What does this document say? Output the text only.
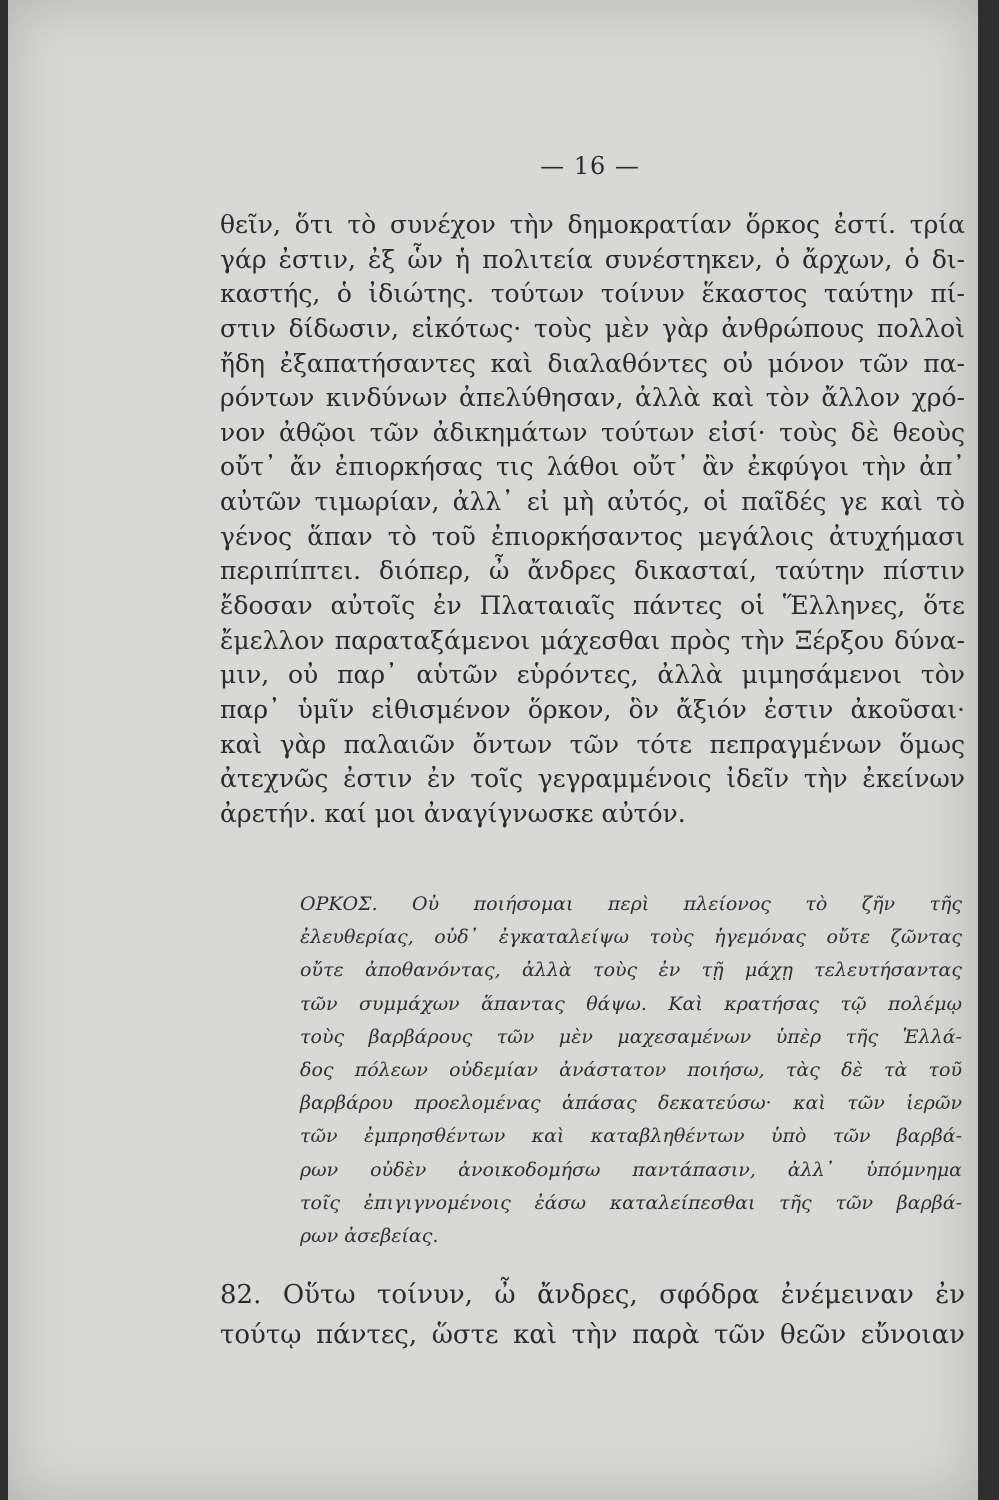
— 16 —
θεῖν, ὅτι τὸ συνέχον τὴν δημοκρατίαν ὅρκος ἐστί. τρία
γάρ ἐστιν, ἐξ ὧν ἡ πολιτεία συνέστηκεν, ὁ ἄρχων, ὁ δι-
καστής, ὁ ἰδιώτης. τούτων τοίνυν ἕκαστος ταύτην πί-
στιν δίδωσιν, εἰκότως· τοὺς μὲν γὰρ ἀνθρώπους πολλοὶ
ἤδη ἐξαπατήσαντες καὶ διαλαθόντες οὐ μόνον τῶν πα-
ρόντων κινδύνων ἀπελύθησαν, ἀλλὰ καὶ τὸν ἄλλον χρό-
νον ἀθῷοι τῶν ἀδικημάτων τούτων εἰσί· τοὺς δὲ θεοὺς
οὔτ᾽ ἄν ἐπιορκήσας τις λάθοι οὔτ᾽ ἂν ἐκφύγοι τὴν ἀπ᾽
αὐτῶν τιμωρίαν, ἀλλ᾽ εἰ μὴ αὐτός, οἱ παῖδές γε καὶ τὸ
γένος ἅπαν τὸ τοῦ ἐπιορκήσαντος μεγάλοις ἀτυχήμασι
περιπίπτει. διόπερ, ὦ ἄνδρες δικασταί, ταύτην πίστιν
ἔδοσαν αὐτοῖς ἐν Πλαταιαῖς πάντες οἱ Ἕλληνες, ὅτε
ἔμελλον παραταξάμενοι μάχεσθαι πρὸς τὴν Ξέρξου δύνα-
μιν, οὐ παρ᾽ αὑτῶν εὑρόντες, ἀλλὰ μιμησάμενοι τὸν
παρ᾽ ὑμῖν εἰθισμένον ὅρκον, ὃν ἄξιόν ἐστιν ἀκοῦσαι·
καὶ γὰρ παλαιῶν ὄντων τῶν τότε πεπραγμένων ὅμως
ἀτεχνῶς ἐστιν ἐν τοῖς γεγραμμένοις ἰδεῖν τὴν ἐκείνων
ἀρετήν. καί μοι ἀναγίγνωσκε αὐτόν.
ΟΡΚΟΣ. Οὐ ποιήσομαι περὶ πλείονος τὸ ζῆν τῆς
ἐλευθερίας, οὐδ᾽ ἐγκαταλείψω τοὺς ἡγεμόνας οὔτε ζῶντας
οὔτε ἀποθανόντας, ἀλλὰ τοὺς ἐν τῇ μάχῃ τελευτήσαντας
τῶν συμμάχων ἅπαντας θάψω. Καὶ κρατήσας τῷ πολέμῳ
τοὺς βαρβάρους τῶν μὲν μαχεσαμένων ὑπὲρ τῆς Ἑλλά-
δος πόλεων οὐδεμίαν ἀνάστατον ποιήσω, τὰς δὲ τὰ τοῦ
βαρβάρου προελομένας ἁπάσας δεκατεύσω· καὶ τῶν ἱερῶν
τῶν ἐμπρησθέντων καὶ καταβληθέντων ὑπὸ τῶν βαρβά-
ρων οὐδὲν ἀνοικοδομήσω παντάπασιν, ἀλλ᾽ ὑπόμνημα
τοῖς ἐπιγιγνομένοις ἐάσω καταλείπεσθαι τῆς τῶν βαρβά-
ρων ἀσεβείας.
82. Οὕτω τοίνυν, ὦ ἄνδρες, σφόδρα ἐνέμειναν ἐν
τούτῳ πάντες, ὥστε καὶ τὴν παρὰ τῶν θεῶν εὔνοιαν
